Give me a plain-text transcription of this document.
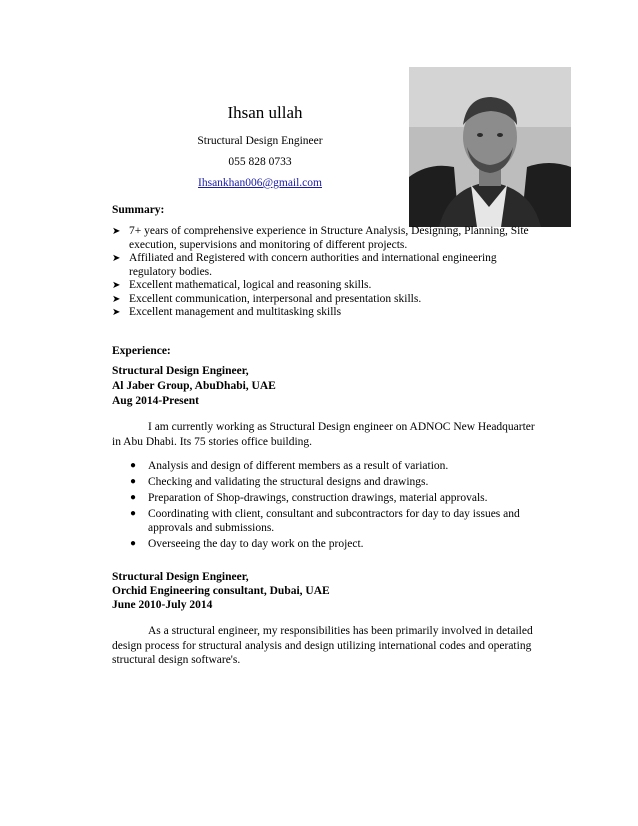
Ihsan ullah
Structural Design Engineer
055 828 0733
Ihsankhan006@gmail.com
Summary:
➤ 7+ years of comprehensive experience in Structure Analysis, Designing, Planning, Site execution, supervisions and monitoring of different projects.
➤ Affiliated and Registered with concern authorities and international engineering regulatory bodies.
➤ Excellent mathematical, logical and reasoning skills.
➤ Excellent communication, interpersonal and presentation skills.
➤ Excellent management and multitasking skills
Experience:
Structural Design Engineer,
Al Jaber Group, AbuDhabi, UAE
Aug 2014-Present
I am currently working as Structural Design engineer on ADNOC New Headquarter in Abu Dhabi. Its 75 stories office building.
● Analysis and design of different members as a result of variation.
● Checking and validating the structural designs and drawings.
● Preparation of Shop-drawings, construction drawings, material approvals.
● Coordinating with client, consultant and subcontractors for day to day issues and approvals and submissions.
● Overseeing the day to day work on the project.
Structural Design Engineer,
Orchid Engineering consultant, Dubai, UAE
June 2010-July 2014
As a structural engineer, my responsibilities has been primarily involved in detailed design process for structural analysis and design utilizing international codes and operating structural design software's.
